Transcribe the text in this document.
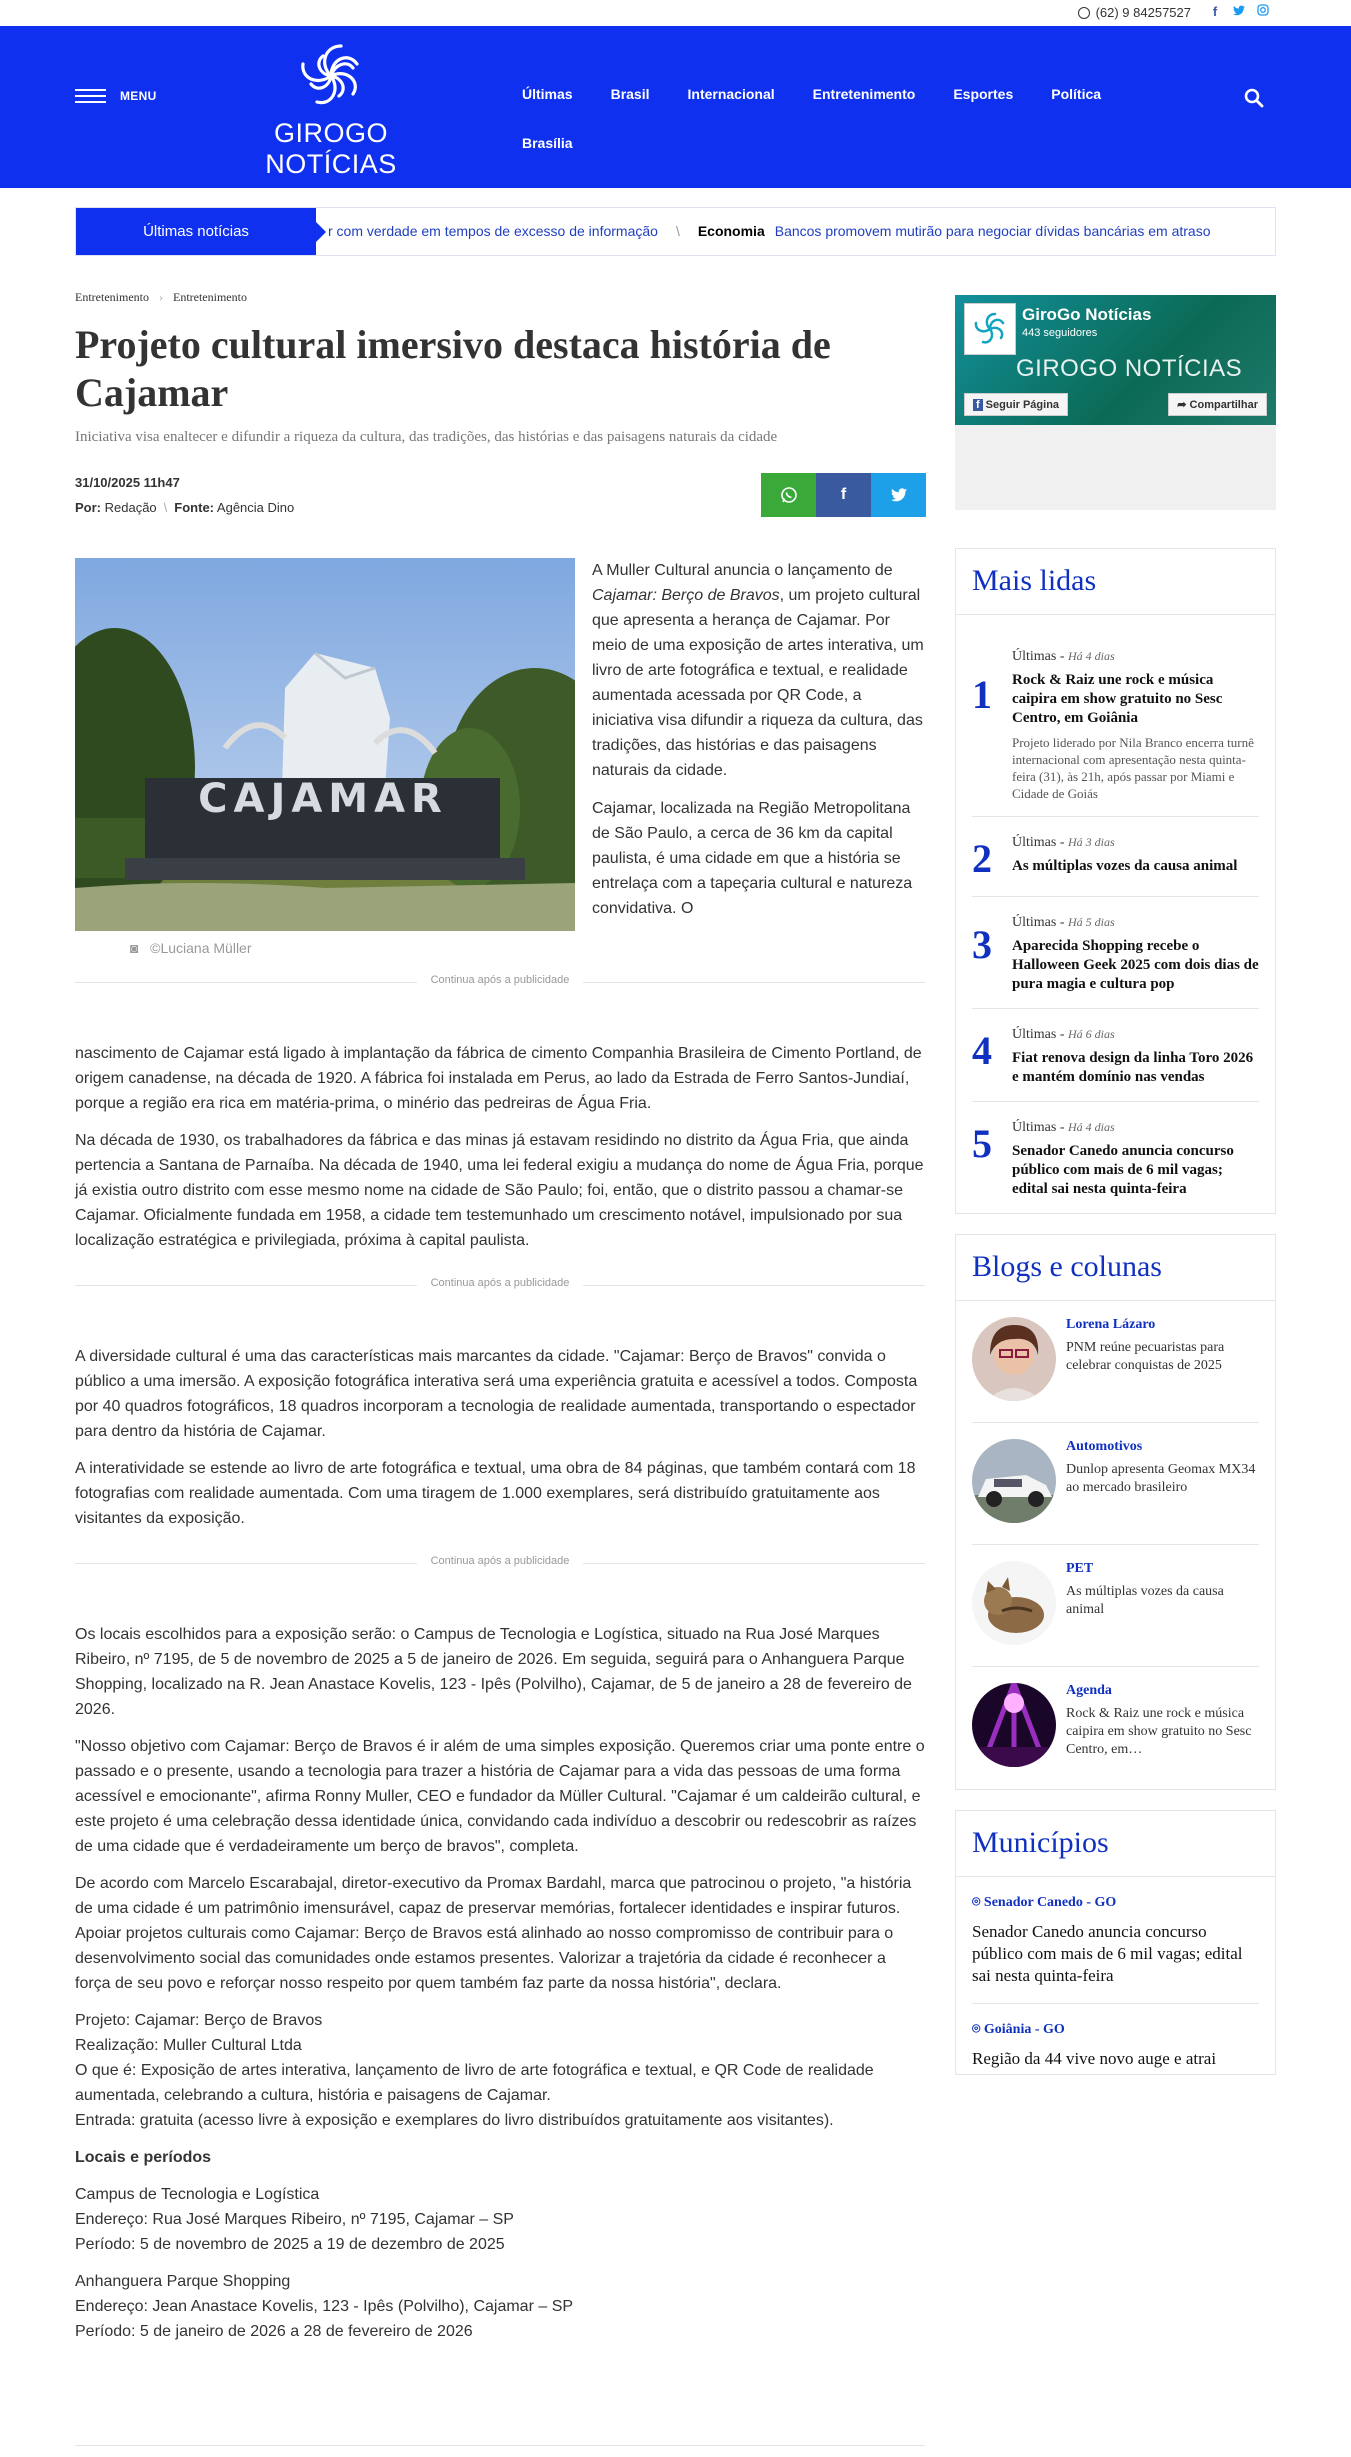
(62) 9 84257527	f
MENU
GIROGO NOTÍCIAS
Últimas	Brasil	Internacional	Entretenimento	Esportes	Política
Brasília
Últimas notícias	r com verdade em tempos de excesso de informação \ Economia Bancos promovem mutirão para negociar dívidas bancárias em atraso
Entretenimento › Entretenimento
Projeto cultural imersivo destaca história de Cajamar
Iniciativa visa enaltecer e difundir a riqueza da cultura, das tradições, das histórias e das paisagens naturais da cidade
31/10/2025 11h47
Por: Redação \ Fonte: Agência Dino
f
CAJAMAR
◙ ©Luciana Müller

A Muller Cultural anuncia o lançamento de Cajamar: Berço de Bravos, um projeto cultural que apresenta a herança de Cajamar. Por meio de uma exposição de artes interativa, um livro de arte fotográfica e textual, e realidade aumentada acessada por QR Code, a iniciativa visa difundir a riqueza da cultura, das tradições, das histórias e das paisagens naturais da cidade.

Cajamar, localizada na Região Metropolitana de São Paulo, a cerca de 36 km da capital paulista, é uma cidade em que a história se entrelaça com a tapeçaria cultural e natureza convidativa. O

Continua após a publicidade

nascimento de Cajamar está ligado à implantação da fábrica de cimento Companhia Brasileira de Cimento Portland, de origem canadense, na década de 1920. A fábrica foi instalada em Perus, ao lado da Estrada de Ferro Santos-Jundiaí, porque a região era rica em matéria-prima, o minério das pedreiras de Água Fria.

Na década de 1930, os trabalhadores da fábrica e das minas já estavam residindo no distrito da Água Fria, que ainda pertencia a Santana de Parnaíba. Na década de 1940, uma lei federal exigiu a mudança do nome de Água Fria, porque já existia outro distrito com esse mesmo nome na cidade de São Paulo; foi, então, que o distrito passou a chamar-se Cajamar. Oficialmente fundada em 1958, a cidade tem testemunhado um crescimento notável, impulsionado por sua localização estratégica e privilegiada, próxima à capital paulista.

Continua após a publicidade

A diversidade cultural é uma das características mais marcantes da cidade. "Cajamar: Berço de Bravos" convida o público a uma imersão. A exposição fotográfica interativa será uma experiência gratuita e acessível a todos. Composta por 40 quadros fotográficos, 18 quadros incorporam a tecnologia de realidade aumentada, transportando o espectador para dentro da história de Cajamar.

A interatividade se estende ao livro de arte fotográfica e textual, uma obra de 84 páginas, que também contará com 18 fotografias com realidade aumentada. Com uma tiragem de 1.000 exemplares, será distribuído gratuitamente aos visitantes da exposição.

Continua após a publicidade

Os locais escolhidos para a exposição serão: o Campus de Tecnologia e Logística, situado na Rua José Marques Ribeiro, nº 7195, de 5 de novembro de 2025 a 5 de janeiro de 2026. Em seguida, seguirá para o Anhanguera Parque Shopping, localizado na R. Jean Anastace Kovelis, 123 - Ipês (Polvilho), Cajamar, de 5 de janeiro a 28 de fevereiro de 2026.

"Nosso objetivo com Cajamar: Berço de Bravos é ir além de uma simples exposição. Queremos criar uma ponte entre o passado e o presente, usando a tecnologia para trazer a história de Cajamar para a vida das pessoas de uma forma acessível e emocionante", afirma Ronny Muller, CEO e fundador da Müller Cultural. "Cajamar é um caldeirão cultural, e este projeto é uma celebração dessa identidade única, convidando cada indivíduo a descobrir ou redescobrir as raízes de uma cidade que é verdadeiramente um berço de bravos", completa.

De acordo com Marcelo Escarabajal, diretor-executivo da Promax Bardahl, marca que patrocinou o projeto, "a história de uma cidade é um patrimônio imensurável, capaz de preservar memórias, fortalecer identidades e inspirar futuros. Apoiar projetos culturais como Cajamar: Berço de Bravos está alinhado ao nosso compromisso de contribuir para o desenvolvimento social das comunidades onde estamos presentes. Valorizar a trajetória da cidade é reconhecer a força de seu povo e reforçar nosso respeito por quem também faz parte da nossa história", declara.

Projeto: Cajamar: Berço de Bravos
Realização: Muller Cultural Ltda
O que é: Exposição de artes interativa, lançamento de livro de arte fotográfica e textual, e QR Code de realidade aumentada, celebrando a cultura, história e paisagens de Cajamar.
Entrada: gratuita (acesso livre à exposição e exemplares do livro distribuídos gratuitamente aos visitantes).

Locais e períodos

Campus de Tecnologia e Logística
Endereço: Rua José Marques Ribeiro, nº 7195, Cajamar – SP
Período: 5 de novembro de 2025 a 19 de dezembro de 2025

Anhanguera Parque Shopping
Endereço: Jean Anastace Kovelis, 123 - Ipês (Polvilho), Cajamar – SP
Período: 5 de janeiro de 2026 a 28 de fevereiro de 2026

GiroGo Notícias
443 seguidores
GIROGO NOTÍCIAS
f Seguir Página	➦ Compartilhar
Mais lidas
1
Últimas - Há 4 dias
Rock & Raiz une rock e música caipira em show gratuito no Sesc Centro, em Goiânia
Projeto liderado por Nila Branco encerra turnê internacional com apresentação nesta quinta-feira (31), às 21h, após passar por Miami e Cidade de Goiás
2	Últimas - Há 3 dias
As múltiplas vozes da causa animal
3	Últimas - Há 5 dias
Aparecida Shopping recebe o Halloween Geek 2025 com dois dias de pura magia e cultura pop
4	Últimas - Há 6 dias
Fiat renova design da linha Toro 2026 e mantém domínio nas vendas
5	Últimas - Há 4 dias
Senador Canedo anuncia concurso público com mais de 6 mil vagas; edital sai nesta quinta-feira
Blogs e colunas
Lorena Lázaro
PNM reúne pecuaristas para celebrar conquistas de 2025
Automotivos
Dunlop apresenta Geomax MX34 ao mercado brasileiro
PET
As múltiplas vozes da causa animal
Agenda
Rock & Raiz une rock e música caipira em show gratuito no Sesc Centro, em…
Municípios
⌾ Senador Canedo - GO
Senador Canedo anuncia concurso público com mais de 6 mil vagas; edital sai nesta quinta-feira
⌾ Goiânia - GO
Região da 44 vive novo auge e atrai
